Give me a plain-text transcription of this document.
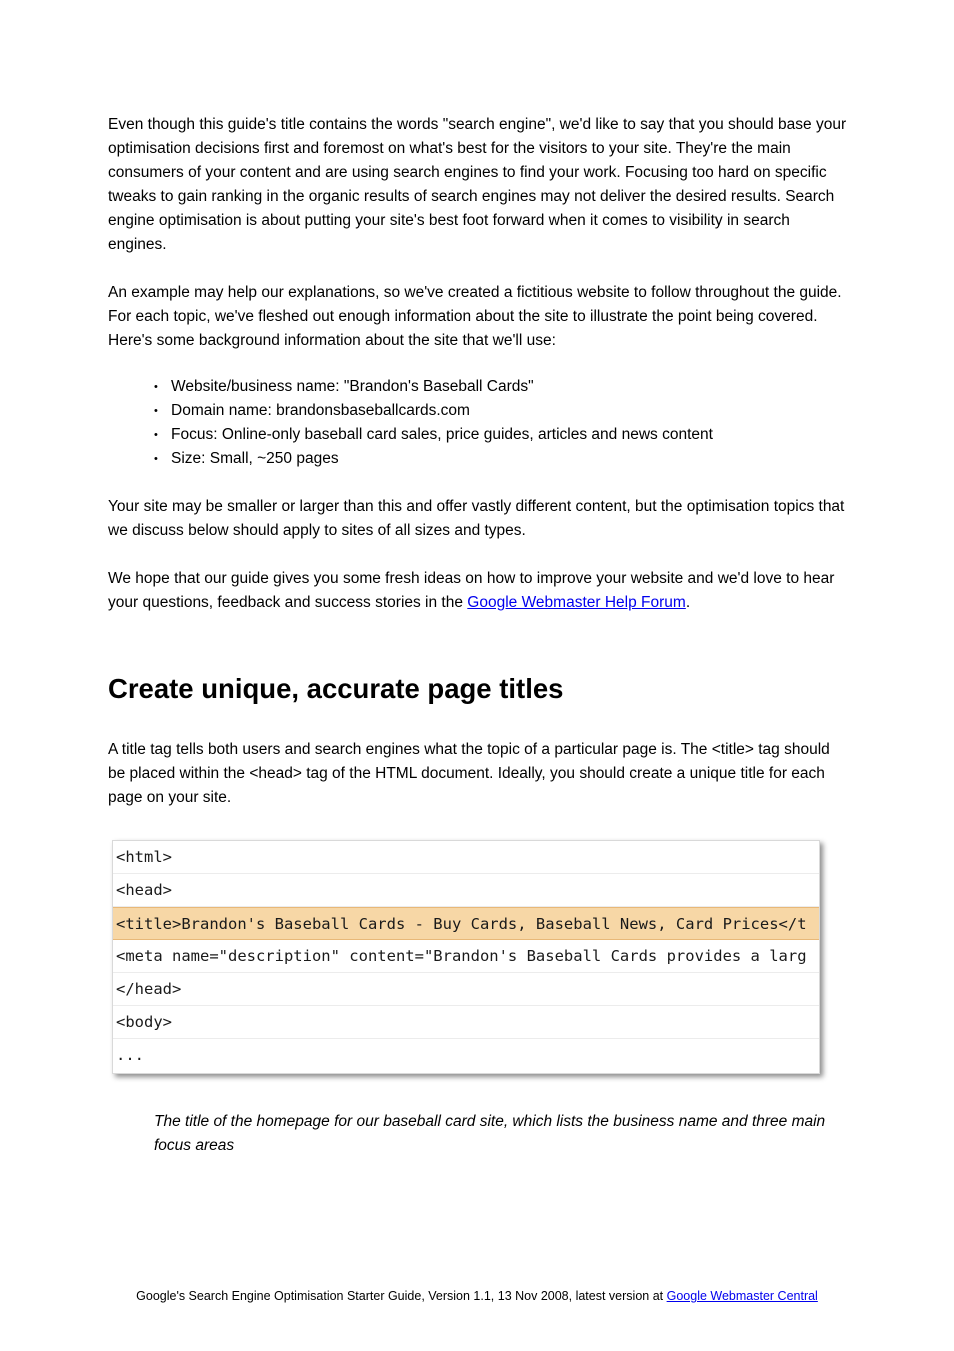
Even though this guide's title contains the words "search engine", we'd like to say that you should base your optimisation decisions first and foremost on what's best for the visitors to your site. They're the main consumers of your content and are using search engines to find your work. Focusing too hard on specific tweaks to gain ranking in the organic results of search engines may not deliver the desired results. Search engine optimisation is about putting your site's best foot forward when it comes to visibility in search engines.

An example may help our explanations, so we've created a fictitious website to follow throughout the guide. For each topic, we've fleshed out enough information about the site to illustrate the point being covered. Here's some background information about the site that we'll use:

• Website/business name: "Brandon's Baseball Cards"
• Domain name: brandonsbaseballcards.com
• Focus: Online-only baseball card sales, price guides, articles and news content
• Size: Small, ~250 pages

Your site may be smaller or larger than this and offer vastly different content, but the optimisation topics that we discuss below should apply to sites of all sizes and types.

We hope that our guide gives you some fresh ideas on how to improve your website and we'd love to hear your questions, feedback and success stories in the Google Webmaster Help Forum.

Create unique, accurate page titles

A title tag tells both users and search engines what the topic of a particular page is. The <title> tag should be placed within the <head> tag of the HTML document. Ideally, you should create a unique title for each page on your site.

<html>
<head>
<title>Brandon's Baseball Cards - Buy Cards, Baseball News, Card Prices</t
<meta name="description" content="Brandon's Baseball Cards provides a larg
</head>
<body>
...

The title of the homepage for our baseball card site, which lists the business name and three main focus areas

Google's Search Engine Optimisation Starter Guide, Version 1.1, 13 Nov 2008, latest version at Google Webmaster Central
